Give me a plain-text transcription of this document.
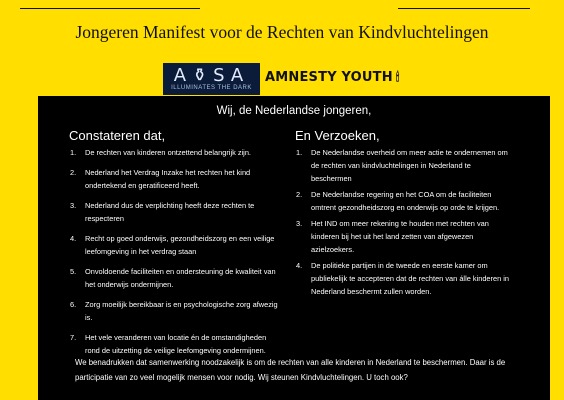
Jongeren Manifest voor de Rechten van Kindvluchtelingen
A⚱SA
ILLUMINATES THE DARK
AMNESTY YOUTH 🕯
Wij, de Nederlandse jongeren,
Constateren dat,
1. De rechten van kinderen ontzettend belangrijk zijn.
2. Nederland het Verdrag Inzake het rechten het kind ondertekend en geratificeerd heeft.
3. Nederland dus de verplichting heeft deze rechten te respecteren
4. Recht op goed onderwijs, gezondheidszorg en een veilige leefomgeving in het verdrag staan
5. Onvoldoende faciliteiten en ondersteuning de kwaliteit van het onderwijs ondermijnen.
6. Zorg moeilijk bereikbaar is en psychologische zorg afwezig is.
7. Het vele veranderen van locatie én de omstandigheden rond de uitzetting de veilige leefomgeving ondermijnen.
En Verzoeken,
1. De Nederlandse overheid om meer actie te ondernemen om de rechten van kindvluchtelingen in Nederland te beschermen
2. De Nederlandse regering en het COA om de faciliteiten omtrent gezondheidszorg en onderwijs op orde te krijgen.
3. Het IND om meer rekening te houden met rechten van kinderen bij het uit het land zetten van afgewezen azielzoekers.
4. De politieke partijen in de tweede en eerste kamer om publiekelijk te accepteren dat de rechten van álle kinderen in Nederland beschermt zullen worden.
We benadrukken dat samenwerking noodzakelijk is om de rechten van alle kinderen in Nederland te beschermen. Daar is de participatie van zo veel mogelijk mensen voor nodig. Wij steunen Kindvluchtelingen. U toch ook?
